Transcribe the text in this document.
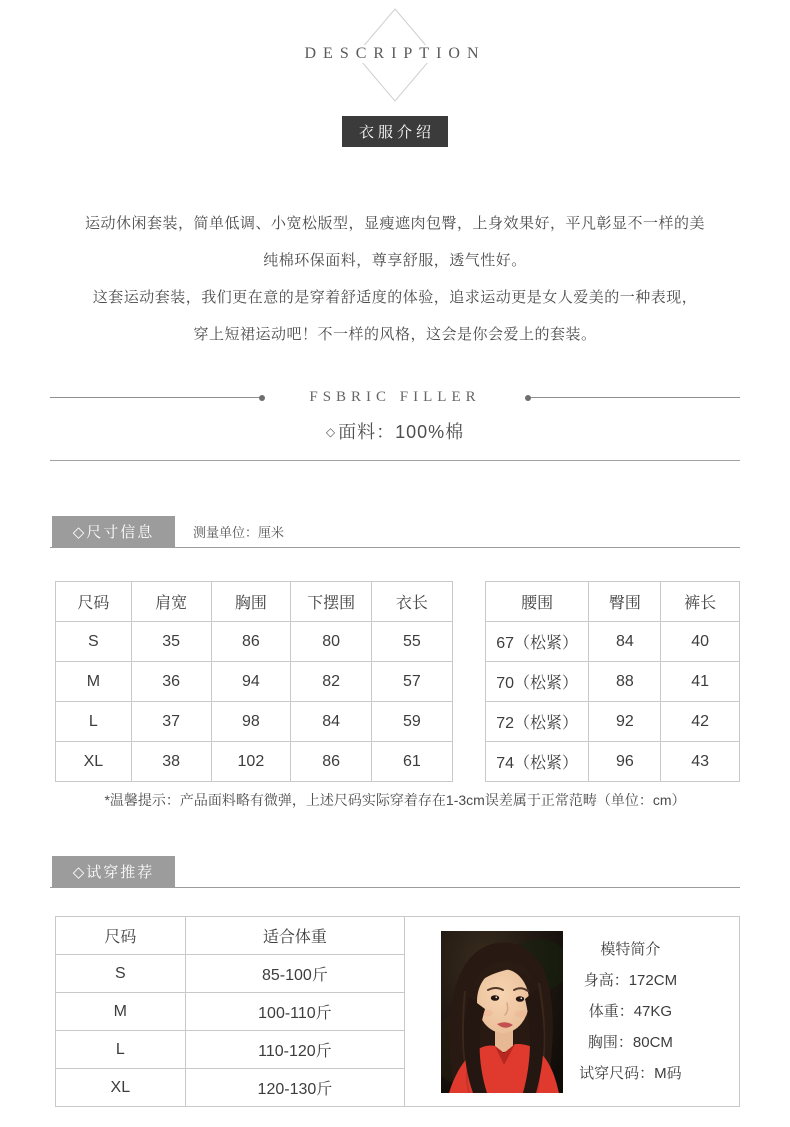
DESCRIPTION
衣服介绍
运动休闲套装，简单低调、小宽松版型，显瘦遮肉包臀，上身效果好，平凡彰显不一样的美
纯棉环保面料，尊享舒服，透气性好。
这套运动套装，我们更在意的是穿着舒适度的体验，追求运动更是女人爱美的一种表现，
穿上短裙运动吧！不一样的风格，这会是你会爱上的套装。
FSBRIC FILLER
◇ 面料：100%棉
◇尺寸信息	测量单位：厘米
尺码	肩宽	胸围	下摆围	衣长
S	35	86	80	55
M	36	94	82	57
L	37	98	84	59
XL	38	102	86	61
腰围	臀围	裤长
67（松紧）	84	40
70（松紧）	88	41
72（松紧）	92	42
74（松紧）	96	43
*温馨提示：产品面料略有微弹，上述尺码实际穿着存在1-3cm误差属于正常范畴（单位：cm）
◇试穿推荐
尺码	适合体重	模特简介
身高：172CM
体重：47KG
胸围：80CM
试穿尺码：M码

S	85-100斤	
M	100-110斤	
L	110-120斤	
XL	120-130斤	
